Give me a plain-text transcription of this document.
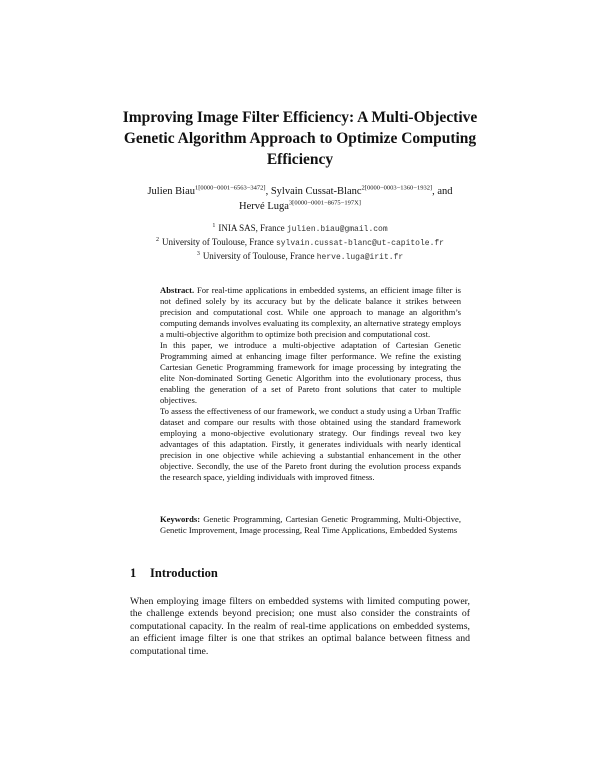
Improving Image Filter Efficiency: A Multi-Objective Genetic Algorithm Approach to Optimize Computing Efficiency
Julien Biau$^{1[0000-0001-6563-3472]}$, Sylvain Cussat-Blanc$^{2[0000-0003-1360-1932]}$, and
Hervé Luga$^{3[0000-0001-8675-197X]}$
$^1$ INIA SAS, France julien.biau@gmail.com
$^2$ University of Toulouse, France sylvain.cussat-blanc@ut-capitole.fr
$^3$ University of Toulouse, France herve.luga@irit.fr

Abstract. For real-time applications in embedded systems, an efficient image filter is not defined solely by its accuracy but by the delicate balance it strikes between precision and computational cost. While one approach to manage an algorithm’s computing demands involves evaluating its complexity, an alternative strategy employs a multi-objective algorithm to optimize both precision and computational cost.

In this paper, we introduce a multi-objective adaptation of Cartesian Genetic Programming aimed at enhancing image filter performance. We refine the existing Cartesian Genetic Programming framework for image processing by integrating the elite Non-dominated Sorting Genetic Algorithm into the evolutionary process, thus enabling the generation of a set of Pareto front solutions that cater to multiple objectives.

To assess the effectiveness of our framework, we conduct a study using a Urban Traffic dataset and compare our results with those obtained using the standard framework employing a mono-objective evolutionary strategy. Our findings reveal two key advantages of this adaptation. Firstly, it generates individuals with nearly identical precision in one objective while achieving a substantial enhancement in the other objective. Secondly, the use of the Pareto front during the evolution process expands the research space, yielding individuals with improved fitness.

Keywords: Genetic Programming, Cartesian Genetic Programming, Multi-Objective, Genetic Improvement, Image processing, Real Time Applications, Embedded Systems
1 Introduction
When employing image filters on embedded systems with limited computing power, the challenge extends beyond precision; one must also consider the constraints of computational capacity. In the realm of real-time applications on embedded systems, an efficient image filter is one that strikes an optimal balance between fitness and computational time.
